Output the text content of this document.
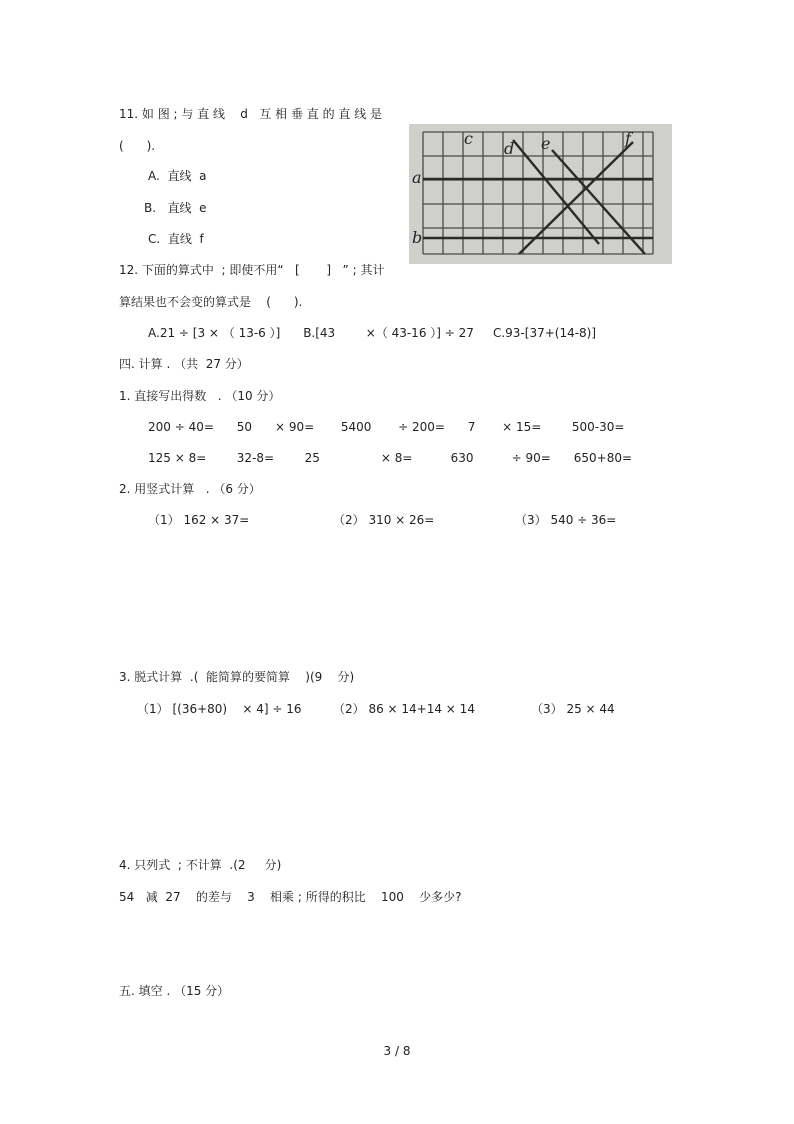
11. 如 图 ; 与 直 线    d   互 相 垂 直 的 直 线 是
(      ).
A.  直线  a
B.   直线  e
C.  直线  f
a
b
c
d e	f
12. 下面的算式中  ; 即使不用“   [       ]   ” ; 其计
算结果也不会变的算式是    (      ).
A.21 ÷ [3 × （ 13-6 ）]      B.[43        ×（ 43-16 ）] ÷ 27     C.93-[37+(14-8)]
四. 计算 . （共  27 分）
1. 直接写出得数   . （10 分）
200 ÷ 40=      50      × 90=       5400       ÷ 200=      7       × 15=        500-30=
125 × 8=        32-8=        25                × 8=          630          ÷ 90=      650+80=
2. 用竖式计算   . （6 分）
（1） 162 × 37=	（2） 310 × 26=	（3） 540 ÷ 36=
3. 脱式计算  .(  能简算的要简算    )(9    分)
（1） [(36+80)    × 4] ÷ 16	（2） 86 × 14+14 × 14	（3） 25 × 44
4. 只列式  ; 不计算  .(2     分)
54   减  27    的差与    3    相乘 ; 所得的积比    100    少多少?
五. 填空 . （15 分）
3 / 8
